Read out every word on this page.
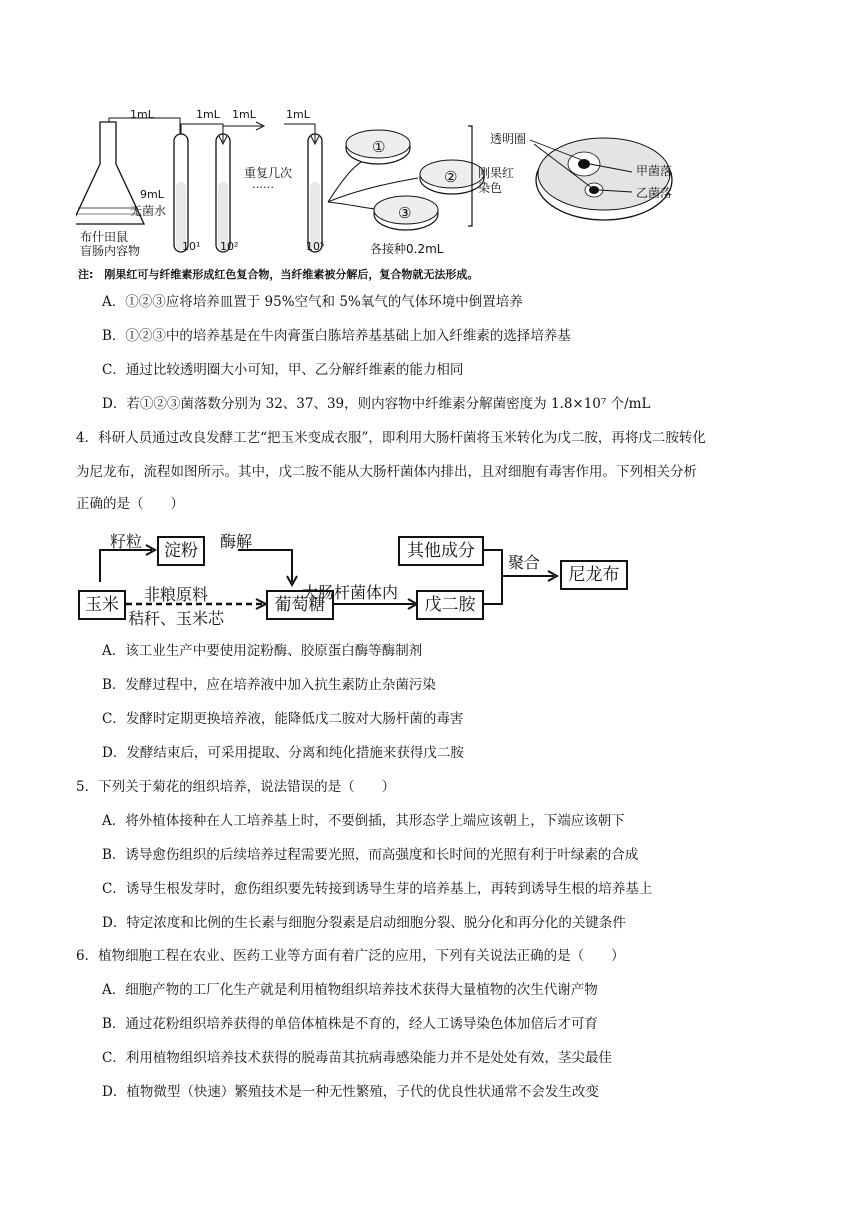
1mL	1mL 1mL	1mL
9mL
无菌水
重复几次
……
布什田鼠
盲肠内容物	10¹ 10²	10⁵
①
②
③
各接种0.2mL
刚果红
染色
透明圈
甲菌落
乙菌落
注:　刚果红可与纤维素形成红色复合物，当纤维素被分解后，复合物就无法形成。
A．①②③应将培养皿置于 95%空气和 5%氧气的气体环境中倒置培养
B．①②③中的培养基是在牛肉膏蛋白胨培养基基础上加入纤维素的选择培养基
C．通过比较透明圈大小可知，甲、乙分解纤维素的能力相同
D．若①②③菌落数分别为 32、37、39，则内容物中纤维素分解菌密度为 1.8×10⁷ 个/mL
4．科研人员通过改良发酵工艺“把玉米变成衣服”，即利用大肠杆菌将玉米转化为戊二胺，再将戊二胺转化
为尼龙布，流程如图所示。其中，戊二胺不能从大肠杆菌体内排出，且对细胞有毒害作用。下列相关分析
正确的是（　　）
玉米
淀粉
葡萄糖
其他成分
戊二胺
尼龙布
籽粒	酶解
非粮原料
秸秆、玉米芯
大肠杆菌体内
聚合
A．该工业生产中要使用淀粉酶、胶原蛋白酶等酶制剂
B．发酵过程中，应在培养液中加入抗生素防止杂菌污染
C．发酵时定期更换培养液，能降低戊二胺对大肠杆菌的毒害
D．发酵结束后，可采用提取、分离和纯化措施来获得戊二胺
5．下列关于菊花的组织培养，说法错误的是（　　）
A．将外植体接种在人工培养基上时，不要倒插，其形态学上端应该朝上，下端应该朝下
B．诱导愈伤组织的后续培养过程需要光照，而高强度和长时间的光照有利于叶绿素的合成
C．诱导生根发芽时，愈伤组织要先转接到诱导生芽的培养基上，再转到诱导生根的培养基上
D．特定浓度和比例的生长素与细胞分裂素是启动细胞分裂、脱分化和再分化的关键条件
6．植物细胞工程在农业、医药工业等方面有着广泛的应用，下列有关说法正确的是（　　）
A．细胞产物的工厂化生产就是利用植物组织培养技术获得大量植物的次生代谢产物
B．通过花粉组织培养获得的单倍体植株是不育的，经人工诱导染色体加倍后才可育
C．利用植物组织培养技术获得的脱毒苗其抗病毒感染能力并不是处处有效，茎尖最佳
D．植物微型（快速）繁殖技术是一种无性繁殖，子代的优良性状通常不会发生改变
